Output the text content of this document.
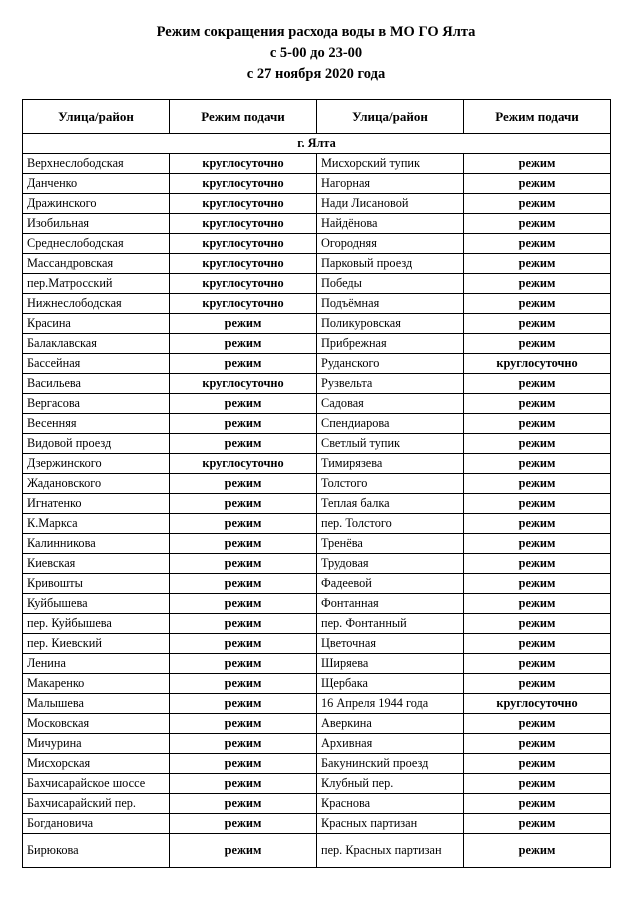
Режим сокращения расхода воды в МО ГО Ялта
с 5-00 до 23-00
с 27 ноября 2020 года
Улица/район	Режим подачи	Улица/район	Режим подачи
г. Ялта			
Верхнеслободская	круглосуточно	Мисхорский тупик	режим
Данченко	круглосуточно	Нагорная	режим
Дражинского	круглосуточно	Нади Лисановой	режим
Изобильная	круглосуточно	Найдёнова	режим
Среднеслободская	круглосуточно	Огородняя	режим
Массандровская	круглосуточно	Парковый проезд	режим
пер.Матросский	круглосуточно	Победы	режим
Нижнеслободская	круглосуточно	Подъёмная	режим
Красина	режим	Поликуровская	режим
Балаклавская	режим	Прибрежная	режим
Бассейная	режим	Руданского	круглосуточно
Васильева	круглосуточно	Рузвельта	режим
Вергасова	режим	Садовая	режим
Весенняя	режим	Спендиарова	режим
Видовой проезд	режим	Светлый тупик	режим
Дзержинского	круглосуточно	Тимирязева	режим
Жадановского	режим	Толстого	режим
Игнатенко	режим	Теплая балка	режим
К.Маркса	режим	пер. Толстого	режим
Калинникова	режим	Тренёва	режим
Киевская	режим	Трудовая	режим
Кривошты	режим	Фадеевой	режим
Куйбышева	режим	Фонтанная	режим
пер. Куйбышева	режим	пер. Фонтанный	режим
пер. Киевский	режим	Цветочная	режим
Ленина	режим	Ширяева	режим
Макаренко	режим	Щербака	режим
Малышева	режим	16 Апреля 1944 года	круглосуточно
Московская	режим	Аверкина	режим
Мичурина	режим	Архивная	режим
Мисхорская	режим	Бакунинский проезд	режим
Бахчисарайское шоссе	режим	Клубный пер.	режим
Бахчисарайский пер.	режим	Краснова	режим
Богдановича	режим	Красных партизан	режим
Бирюкова	режим	пер. Красных партизан	режим
